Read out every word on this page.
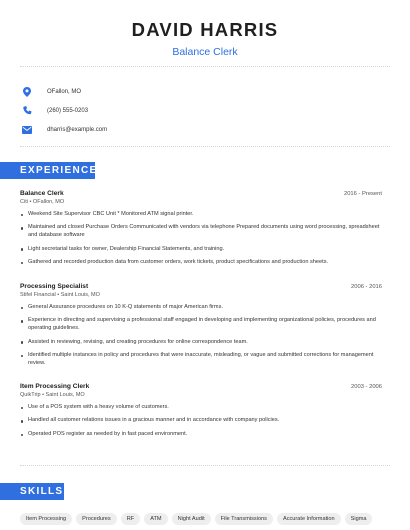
DAVID HARRIS
Balance Clerk
OFallon, MO
(260) 555-0203
dharris@example.com
EXPERIENCE
Balance Clerk	2016 - Present
Citi • OFallon, MO
Weekend Site Supervisor CBC Unit * Monitored ATM signal printer.
Maintained and closed Purchase Orders Communicated with vendors via telephone Prepared documents using word processing, spreadsheet and database software
Light secretarial tasks for owner, Dealership Financial Statements, and training.
Gathered and recorded production data from customer orders, work tickets, product specifications and production sheets.
Processing Specialist	2006 - 2016
Stifel Financial • Saint Louis, MO
General Assurance procedures on 10 K-Q statements of major American firms.
Experience in directing and supervising a professional staff engaged in developing and implementing organizational policies, procedures and operating guidelines.
Assisted in reviewing, revising, and creating procedures for online correspondence team.
Identified multiple instances in policy and procedures that were inaccurate, misleading, or vague and submitted corrections for management review.
Item Processing Clerk	2003 - 2006
QuikTrip • Saint Louis, MO
Use of a POS system with a heavy volume of customers.
Handled all customer relations issues in a gracious manner and in accordance with company policies.
Operated POS register as needed by in fast paced environment.
SKILLS
Item Processing	Procedures	RF	ATM	Night Audit	File Transmissions	Accurate Information	Sigma
